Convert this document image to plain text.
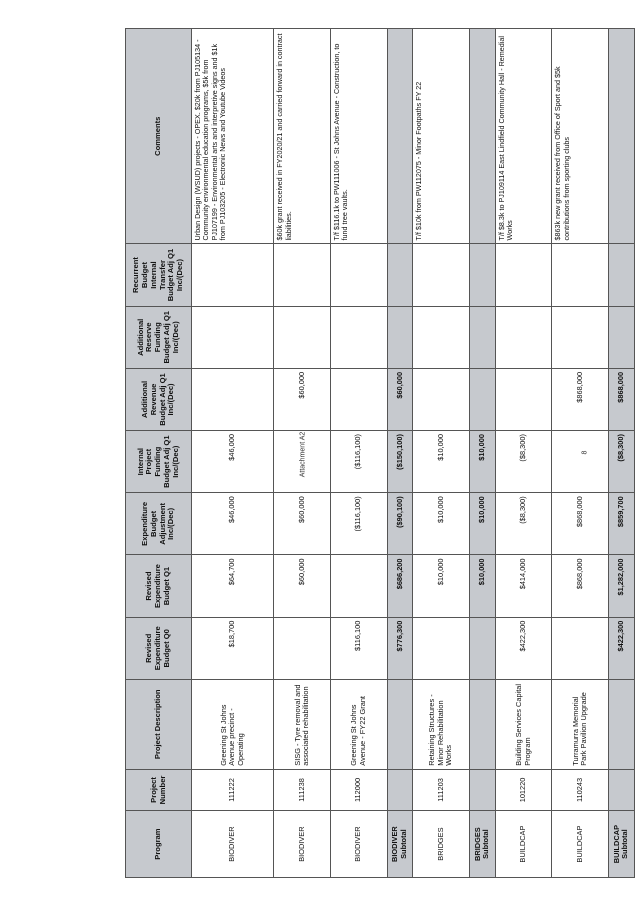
Attachment A2	8
Program	Project Number	Project Description	Revised Expenditure Budget Q0	Revised Expenditure Budget Q1	Expenditure Budget Adjustment Inc/(Dec)	Internal Project Funding Budget Adj Q1 Inc/(Dec)	Additional Revenue Budget Adj Q1 Inc/(Dec)	Additional Reserve Funding Budget Adj Q1 Inc/(Dec)	Recurrent Budget Internal Transfer Budget Adj Q1 Inc/(Dec)	Comments
BIODIVER	111222	Greening St Johns Avenue precinct - Operating	$18,700	$64,700	$46,000	$46,000				Urban Design (WSUD) projects - OPEX. $20k from PJ105134 - Community environmental education programs, $5k from PJ107199 - Environmental arts and interpretive signs and $1k from PJ103205 - Electronic News and Youtube Videos
BIODIVER	111238	SISG - Tyre removal and associated rehabilitation		$60,000	$60,000		$60,000			$60k grant received in FY2020/21 and carried forward in contract liabilities.
BIODIVER	112000	Greening St Johns Avenue - FY22 Grant	$116,100		($116,100)	($116,100)				T/f $116.1k to PW111006 - St Johns Avenue - Construction, to fund tree vaults.
BIODIVER Subtotal			$776,300	$686,200	($90,100)	($150,100)	$60,000			
BRIDGES	111203	Retaining Structures - Minor Rehabilitation Works		$10,000	$10,000	$10,000				T/f $10k from PW112075 - Minor Footpaths FY 22
BRIDGES Subtotal				$10,000	$10,000	$10,000				
BUILDCAP	101220	Building Services Capital Program	$422,300	$414,000	($8,300)	($8,300)				T/f $8.3k to PJ109114 East Lindfield Community Hall - Remedial Works
BUILDCAP	110243	Turramurra Memorial Park Pavilion Upgrade		$868,000	$868,000		$868,000			$863k new grant received from Office of Sport and $5k contributions from sporting clubs
BUILDCAP Subtotal			$422,300	$1,282,000	$859,700	($8,300)	$868,000			
